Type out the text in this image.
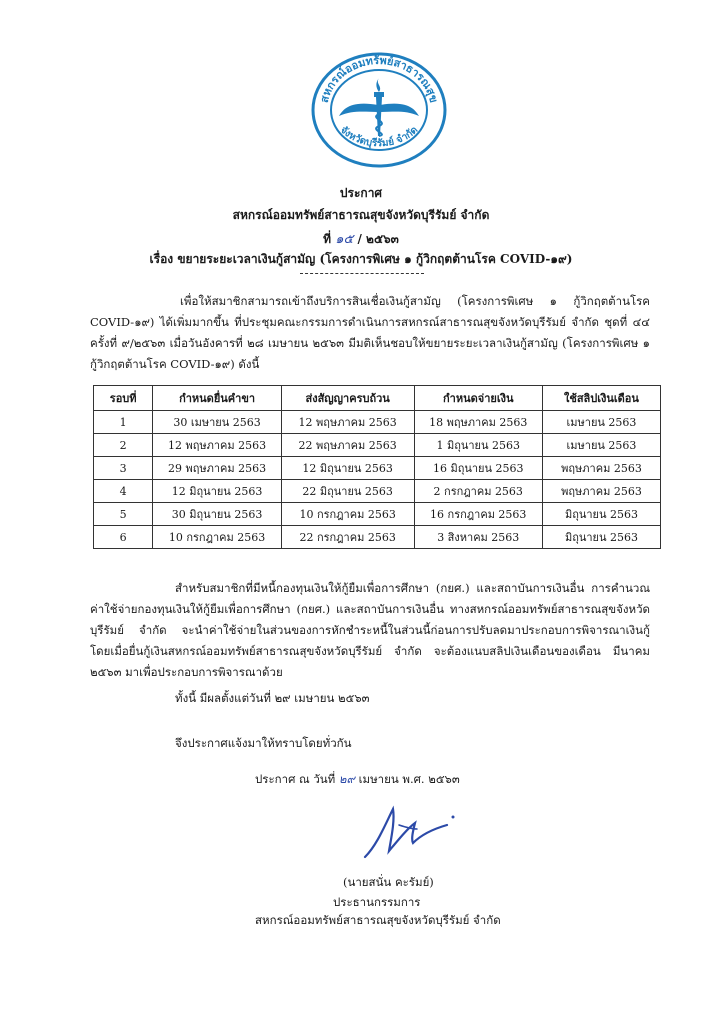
สหกรณ์ออมทรัพย์สาธารณสุข
จังหวัดบุรีรัมย์ จำกัด
ประกาศ
สหกรณ์ออมทรัพย์สาธารณสุขจังหวัดบุรีรัมย์ จำกัด
ที่ ๑๕ / ๒๕๖๓
เรื่อง ขยายระยะเวลาเงินกู้สามัญ (โครงการพิเศษ ๑ กู้วิกฤตต้านโรค COVID-๑๙)
เพื่อให้สมาชิกสามารถเข้าถึงบริการสินเชื่อเงินกู้สามัญ (โครงการพิเศษ ๑ กู้วิกฤตต้านโรค COVID-๑๙) ได้เพิ่มมากขึ้น ที่ประชุมคณะกรรมการดำเนินการสหกรณ์สาธารณสุขจังหวัดบุรีรัมย์ จำกัด ชุดที่ ๔๔ ครั้งที่ ๙/๒๕๖๓ เมื่อวันอังคารที่ ๒๘ เมษายน ๒๕๖๓ มีมติเห็นชอบให้ขยายระยะเวลาเงินกู้สามัญ (โครงการพิเศษ ๑ กู้วิกฤตต้านโรค COVID-๑๙) ดังนี้
รอบที่	กำหนดยื่นคำขา	ส่งสัญญาครบถ้วน	กำหนดจ่ายเงิน	ใช้สลิปเงินเดือน
1	30 เมษายน 2563	12 พฤษภาคม 2563	18 พฤษภาคม 2563	เมษายน 2563
2	12 พฤษภาคม 2563	22 พฤษภาคม 2563	1 มิถุนายน 2563	เมษายน 2563
3	29 พฤษภาคม 2563	12 มิถุนายน 2563	16 มิถุนายน 2563	พฤษภาคม 2563
4	12 มิถุนายน 2563	22 มิถุนายน 2563	2 กรกฎาคม 2563	พฤษภาคม 2563
5	30 มิถุนายน 2563	10 กรกฎาคม 2563	16 กรกฎาคม 2563	มิถุนายน 2563
6	10 กรกฎาคม 2563	22 กรกฎาคม 2563	3 สิงหาคม 2563	มิถุนายน 2563
สำหรับสมาชิกที่มีหนี้กองทุนเงินให้กู้ยืมเพื่อการศึกษา (กยศ.) และสถาบันการเงินอื่น การคำนวณค่าใช้จ่ายกองทุนเงินให้กู้ยืมเพื่อการศึกษา (กยศ.) และสถาบันการเงินอื่น ทางสหกรณ์ออมทรัพย์สาธารณสุขจังหวัดบุรีรัมย์ จำกัด จะนำค่าใช้จ่ายในส่วนของการหักชำระหนี้ในส่วนนี้ก่อนการปรับลดมาประกอบการพิจารณาเงินกู้ โดยเมื่อยื่นกู้เงินสหกรณ์ออมทรัพย์สาธารณสุขจังหวัดบุรีรัมย์ จำกัด จะต้องแนบสลิปเงินเดือนของเดือน มีนาคม ๒๕๖๓ มาเพื่อประกอบการพิจารณาด้วย
ทั้งนี้ มีผลตั้งแต่วันที่ ๒๙ เมษายน ๒๕๖๓
จึงประกาศแจ้งมาให้ทราบโดยทั่วกัน
ประกาศ ณ วันที่ ๒๙ เมษายน พ.ศ. ๒๕๖๓
(นายสนั่น คะรัมย์)
ประธานกรรมการ
สหกรณ์ออมทรัพย์สาธารณสุขจังหวัดบุรีรัมย์ จำกัด
